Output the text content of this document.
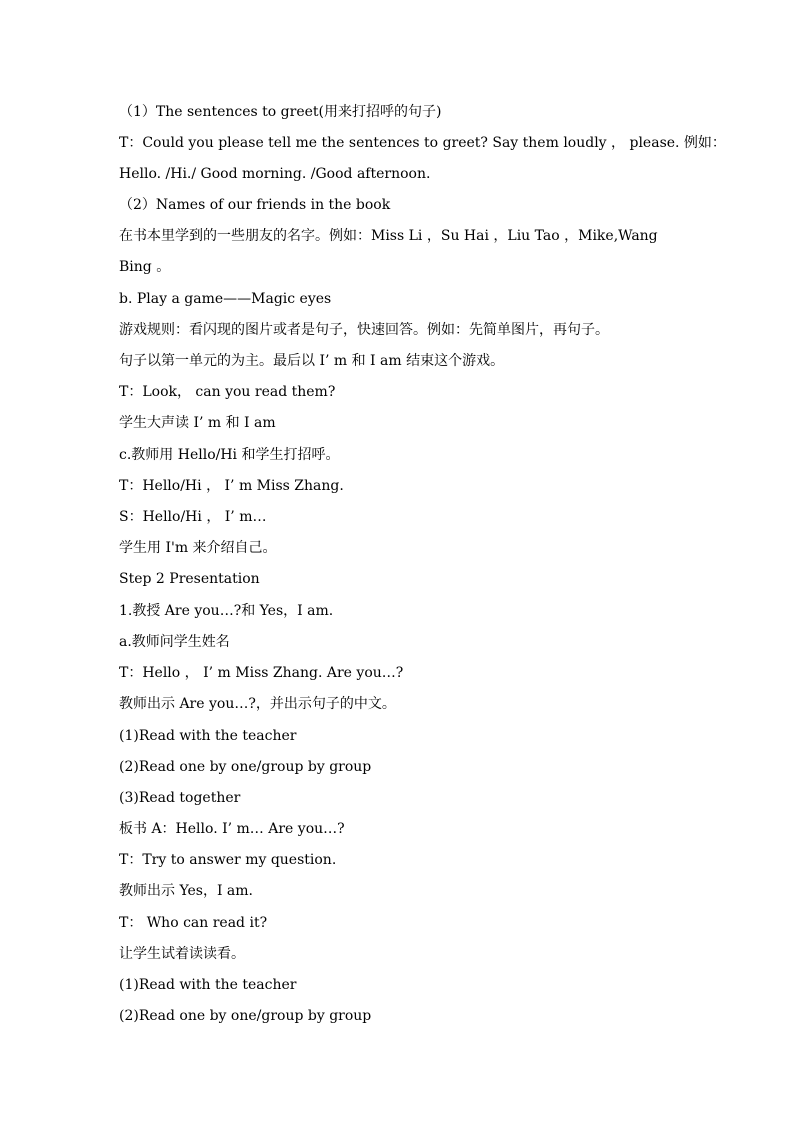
（1）The sentences to greet(用来打招呼的句子)
T：Could you please tell me the sentences to greet? Say them loudly ， please. 例如：
Hello. /Hi./ Good morning. /Good afternoon.
（2）Names of our friends in the book
在书本里学到的一些朋友的名字。例如：Miss Li ，Su Hai ，Liu Tao ，Mike,Wang
Bing 。
b. Play a game——Magic eyes
游戏规则：看闪现的图片或者是句子，快速回答。例如：先简单图片，再句子。
句子以第一单元的为主。最后以 I’ m 和 I am 结束这个游戏。
T：Look， can you read them?
学生大声读 I’ m 和 I am
c.教师用 Hello/Hi 和学生打招呼。
T：Hello/Hi ， I’ m Miss Zhang.
S：Hello/Hi ， I’ m…
学生用 I'm 来介绍自己。
Step 2 Presentation
1.教授 Are you…?和 Yes，I am.
a.教师问学生姓名
T：Hello ， I’ m Miss Zhang. Are you…?
教师出示 Are you…?，并出示句子的中文。
(1)Read with the teacher
(2)Read one by one/group by group
(3)Read together
板书 A：Hello. I’ m… Are you…?
T：Try to answer my question.
教师出示 Yes，I am.
T： Who can read it?
让学生试着读读看。
(1)Read with the teacher
(2)Read one by one/group by group
